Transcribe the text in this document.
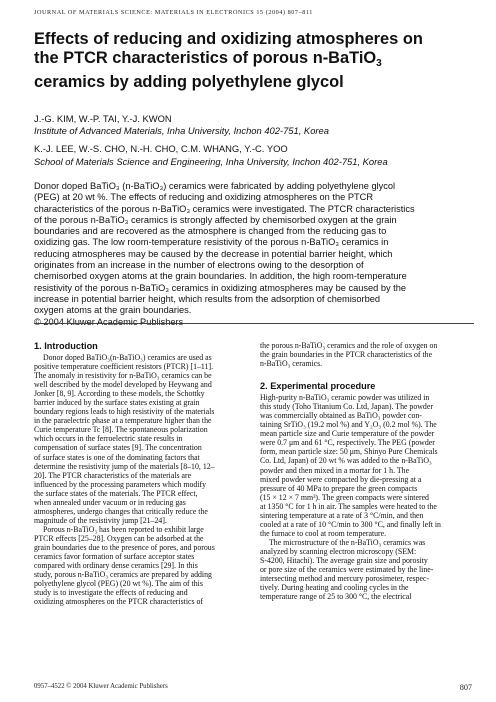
JOURNAL OF MATERIALS SCIENCE: MATERIALS IN ELECTRONICS 15 (2004) 807–811
Effects of reducing and oxidizing atmospheres on
the PTCR characteristics of porous n-BaTiO$_3$
ceramics by adding polyethylene glycol
J.-G. KIM, W.-P. TAI, Y.-J. KWON
Institute of Advanced Materials, Inha University, Inchon 402-751, Korea
K.-J. LEE, W.-S. CHO, N.-H. CHO, C.M. WHANG, Y.-C. YOO
School of Materials Science and Engineering, Inha University, Inchon 402-751, Korea
Donor doped BaTiO₃ (n-BaTiO₃) ceramics were fabricated by adding polyethylene glycol
(PEG) at 20 wt %. The effects of reducing and oxidizing atmospheres on the PTCR
characteristics of the porous n-BaTiO₃ ceramics were investigated. The PTCR characteristics
of the porous n-BaTiO₃ ceramics is strongly affected by chemisorbed oxygen at the grain
boundaries and are recovered as the atmosphere is changed from the reducing gas to
oxidizing gas. The low room-temperature resistivity of the porous n-BaTiO₃ ceramics in
reducing atmospheres may be caused by the decrease in potential barrier height, which
originates from an increase in the number of electrons owing to the desorption of
chemisorbed oxygen atoms at the grain boundaries. In addition, the high room-temperature
resistivity of the porous n-BaTiO₃ ceramics in oxidizing atmospheres may be caused by the
increase in potential barrier height, which results from the adsorption of chemisorbed
oxygen atoms at the grain boundaries.
© 2004 Kluwer Academic Publishers
1. Introduction
Donor doped BaTiO₃(n-BaTiO₃) ceramics are used as
positive temperature coefficient resistors (PTCR) [1–11].
The anomaly in resistivity for n-BaTiO₃ ceramics can be
well described by the model developed by Heywang and
Jonker [8, 9]. According to these models, the Schottky
barrier induced by the surface states existing at grain
boundary regions leads to high resistivity of the materials
in the paraelectric phase at a temperature higher than the
Curie temperature Tc [8]. The spontaneous polarization
which occurs in the ferroelectric state results in
compensation of surface states [9]. The concentration
of surface states is one of the dominating factors that
determine the resistivity jump of the materials [8–10, 12–
20]. The PTCR characteristics of the materials are
influenced by the processing parameters which modify
the surface states of the materials. The PTCR effect,
when annealed under vacuum or in reducing gas
atmospheres, undergo changes that critically reduce the
magnitude of the resistivity jump [21–24].
Porous n-BaTiO₃ has been reported to exhibit large
PTCR effects [25–28]. Oxygen can be adsorbed at the
grain boundaries due to the presence of pores, and porous
ceramics favor formation of surface acceptor states
compared with ordinary dense ceramics [29]. In this
study, porous n-BaTiO₃ ceramics are prepared by adding
polyethylene glycol (PEG) (20 wt %). The aim of this
study is to investigate the effects of reducing and
oxidizing atmospheres on the PTCR characteristics of
the porous n-BaTiO₃ ceramics and the role of oxygen on
the grain boundaries in the PTCR characteristics of the
n-BaTiO₃ ceramics.
2. Experimental procedure
High-purity n-BaTiO₃ ceramic powder was utilized in
this study (Toho Titanium Co. Ltd, Japan). The powder
was commercially obtained as BaTiO₃ powder con-
taining SrTiO₃ (19.2 mol %) and Y₂O₃ (0.2 mol %). The
mean particle size and Curie temperature of the powder
were 0.7 μm and 61 °C, respectively. The PEG (powder
form, mean particle size: 50 μm, Shinyo Pure Chemicals
Co. Ltd, Japan) of 20 wt % was added to the n-BaTiO₃
powder and then mixed in a mortar for 1 h. The
mixed powder were compacted by die-pressing at a
pressure of 40 MPa to prepare the green compacts
(15 × 12 × 7 mm³). The green compacts were sintered
at 1350 °C for 1 h in air. The samples were heated to the
sintering temperature at a rate of 3 °C/min, and then
cooled at a rate of 10 °C/min to 300 °C, and finally left in
the furnace to cool at room temperature.
The microstructure of the n-BaTiO₃ ceramics was
analyzed by scanning electron microscopy (SEM:
S-4200, Hitachi). The average grain size and porosity
or pore size of the ceramics were estimated by the line-
intersecting method and mercury porosimeter, respec-
tively. During heating and cooling cycles in the
temperature range of 25 to 300 °C, the electrical
0957–4522 © 2004 Kluwer Academic Publishers	807
